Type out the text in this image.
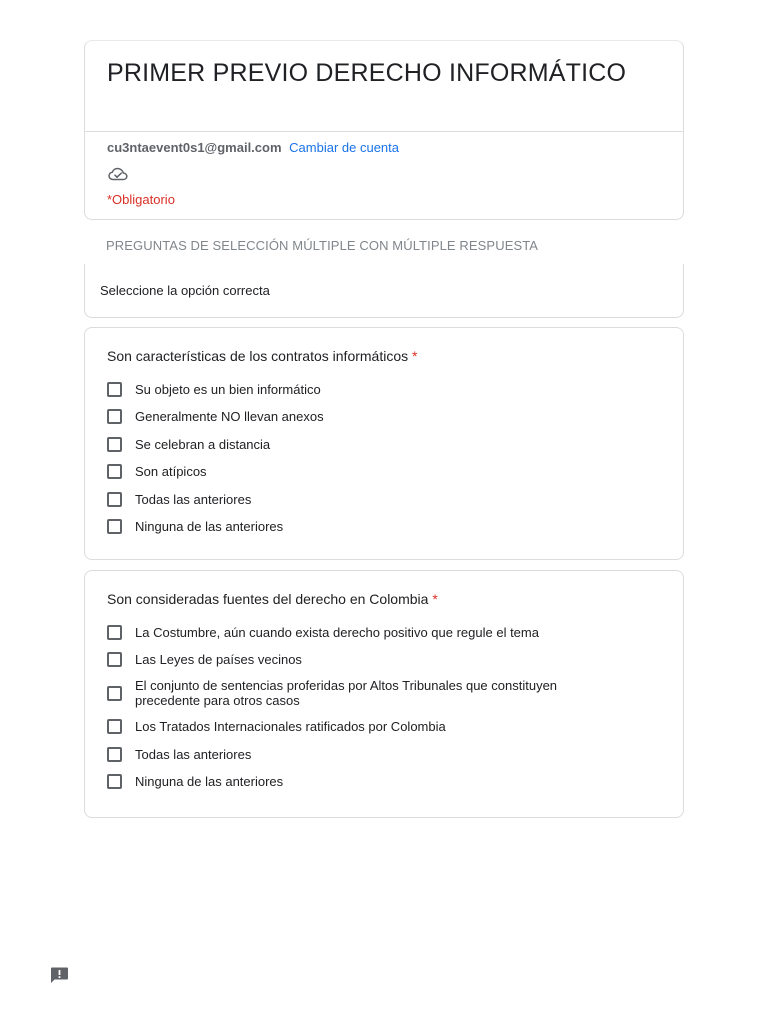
PRIMER PREVIO DERECHO INFORMÁTICO
cu3ntaevent0s1@gmail.com Cambiar de cuenta
*Obligatorio
PREGUNTAS DE SELECCIÓN MÚLTIPLE CON MÚLTIPLE RESPUESTA
Seleccione la opción correcta
Son características de los contratos informáticos *
Su objeto es un bien informático
Generalmente NO llevan anexos
Se celebran a distancia
Son atípicos
Todas las anteriores
Ninguna de las anteriores
Son consideradas fuentes del derecho en Colombia *
La Costumbre, aún cuando exista derecho positivo que regule el tema
Las Leyes de países vecinos
El conjunto de sentencias proferidas por Altos Tribunales que constituyen precedente para otros casos
Los Tratados Internacionales ratificados por Colombia
Todas las anteriores
Ninguna de las anteriores
